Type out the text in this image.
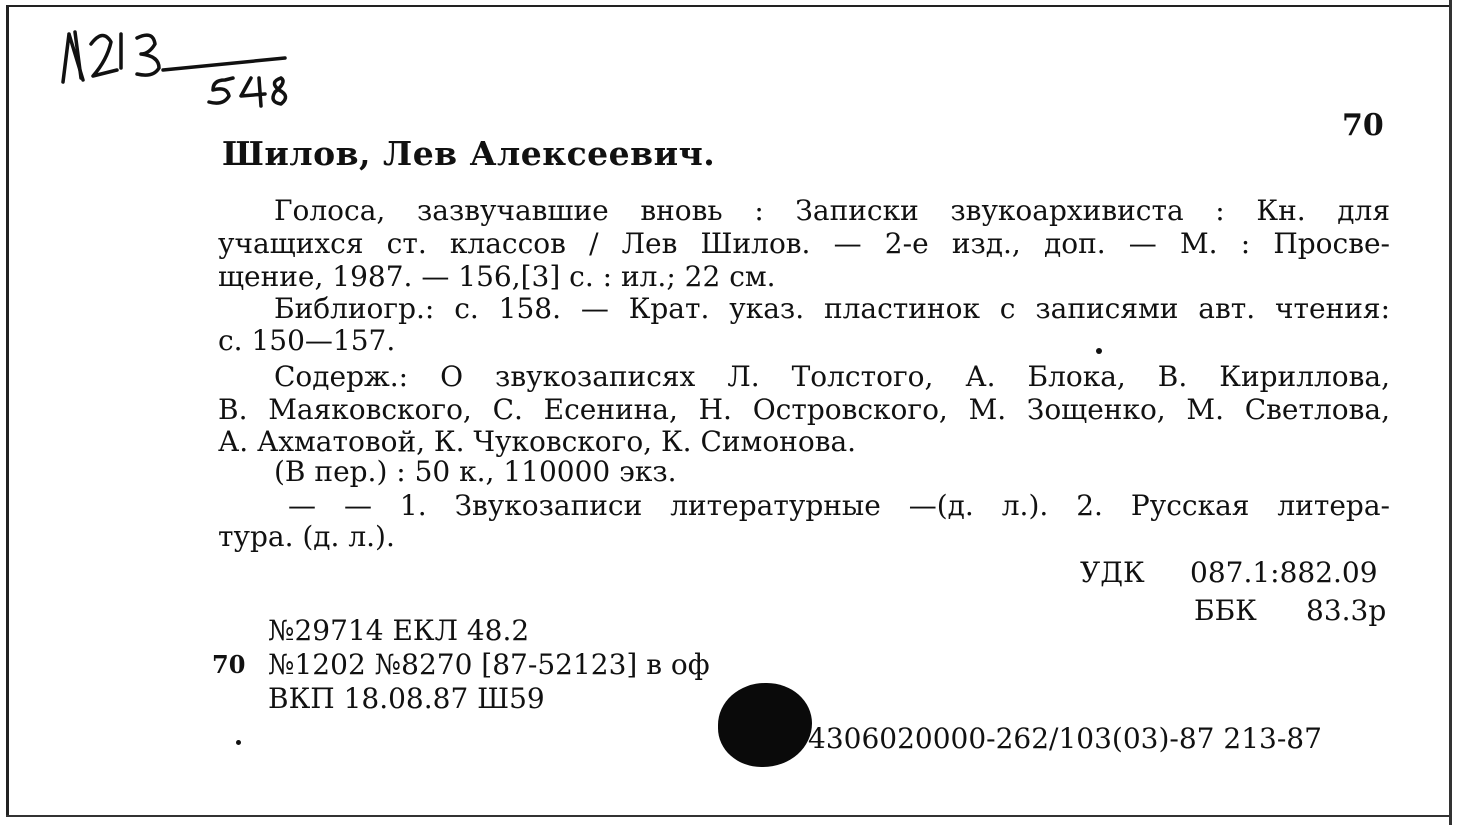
70
Шилов, Лев Алексеевич.
Голоса, зазвучавшие вновь : Записки звукоархивиста : Кн. для
учащихся ст. классов / Лев Шилов. — 2-е изд., доп. — М. : Просве-
щение, 1987. — 156,[3] с. : ил.; 22 см.
Библиогр.: с. 158. — Крат. указ. пластинок с записями авт. чтения:
с. 150—157.
Содерж.: О звукозаписях Л. Толстого, А. Блока, В. Кириллова,
В. Маяковского, С. Есенина, Н. Островского, М. Зощенко, М. Светлова,
А. Ахматовой, К. Чуковского, К. Симонова.
(В пер.) : 50 к., 110000 экз.
— — 1. Звукозаписи литературные —(д. л.). 2. Русская литера-
тура. (д. л.).
УДК 087.1:882.09
ББК 83.3р
№29714 ЕКЛ 48.2
70 №1202 №8270 [87-52123] в оф
ВКП 18.08.87 Ш59
4306020000-262/103(03)-87 213-87
